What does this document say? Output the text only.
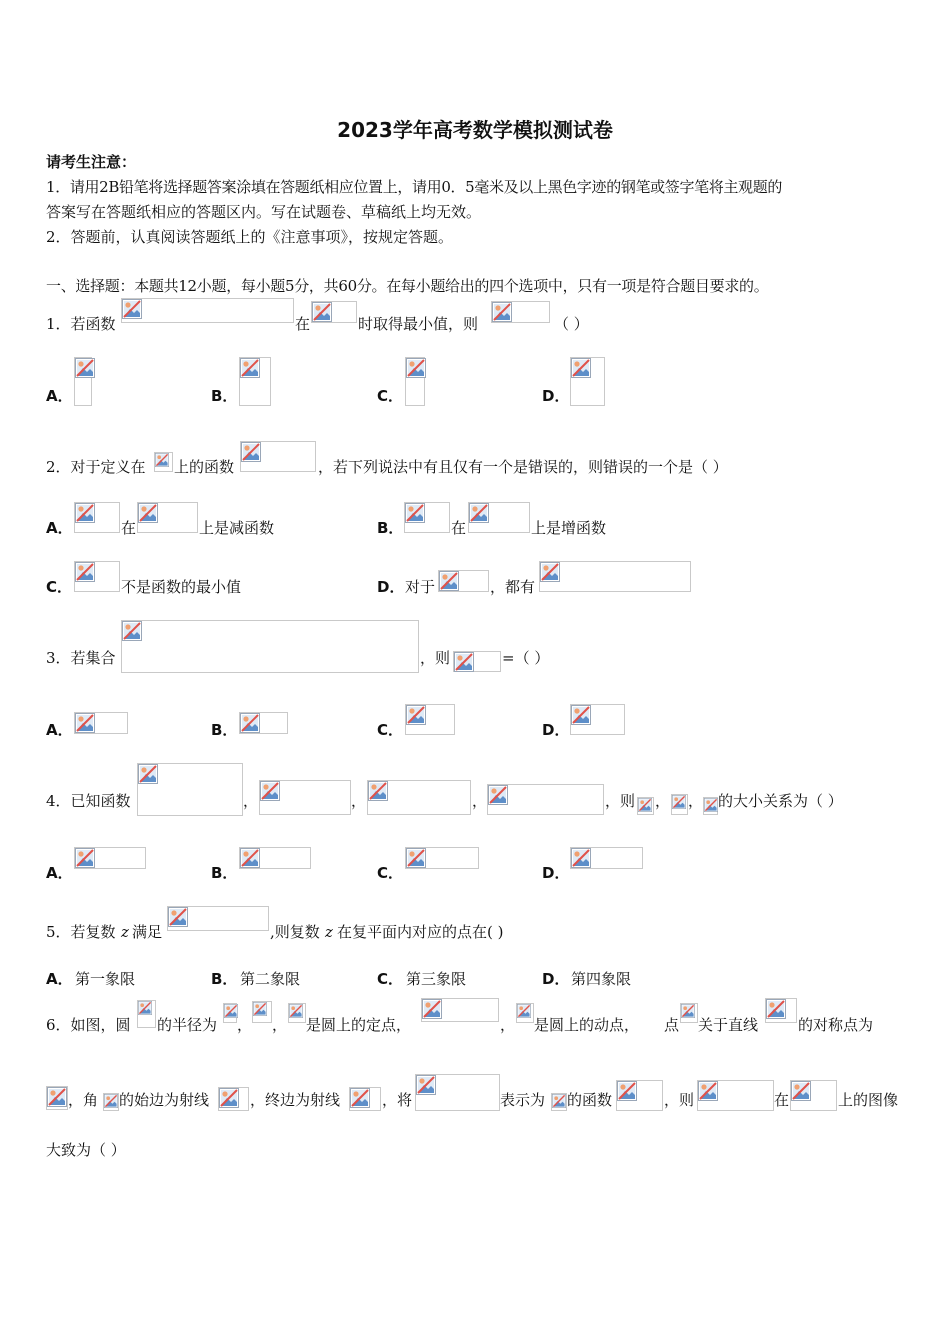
2023学年高考数学模拟测试卷
请考生注意：
1．请用2B铅笔将选择题答案涂填在答题纸相应位置上，请用0．5毫米及以上黑色字迹的钢笔或签字笔将主观题的
答案写在答题纸相应的答题区内。写在试题卷、草稿纸上均无效。
2．答题前，认真阅读答题纸上的《注意事项》，按规定答题。
一、选择题：本题共12小题，每小题5分，共60分。在每小题给出的四个选项中，只有一项是符合题目要求的。
1．若函数	在	时取得最小值，则	（ ）
A．	B．	C．	D．
2．对于定义在 上的函数	，若下列说法中有且仅有一个是错误的，则错误的一个是（ ）
A．	在	上是减函数	B．	在	上是增函数
C．	不是函数的最小值	D． 对于	，都有
3．若集合	，则	=（ ）
A．	B．	C．	D．
4．已知函数	，	，	，	，则 ， ， 的大小关系为（ ）
A．	B．	C．	D．
5．若复数 z 满足	,则复数 z 在复平面内对应的点在( )
A． 第一象限	B． 第二象限	C． 第三象限	D． 第四象限
6．如图，圆 的半径为 ， ， 是圆上的定点，	， 是圆上的动点， 点 关于直线	的对称点为
，角 的始边为射线	，终边为射线	，将	表示为 的函数	，则	在	上的图像
大致为（ ）
